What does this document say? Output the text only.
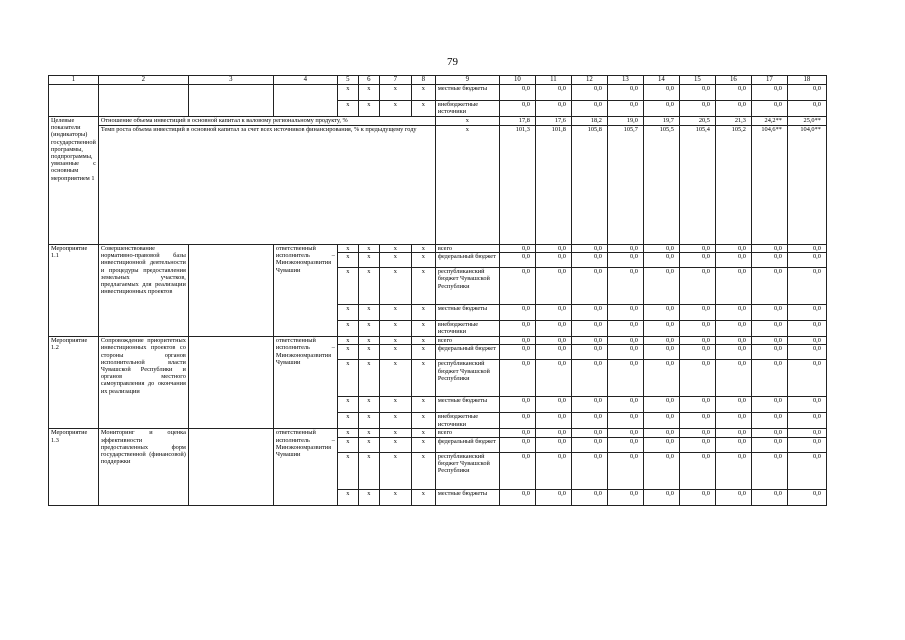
79
1	2	3	4	5	6	7	8	9	10	11	12	13	14	15	16	17	18
				x	x	x	x	местные бюджеты	0,0	0,0	0,0	0,0	0,0	0,0	0,0	0,0	0,0
				x	x	x	x	внебюджетные источники	0,0	0,0	0,0	0,0	0,0	0,0	0,0	0,0	0,0
Целевые показатели (индикаторы) государственной программы, подпрограммы, увязанные с основным мероприятием 1	Отношение объема инвестиций в основной капитал к валовому региональному продукту, %							x	17,8	17,6	18,2	19,0	19,7	20,5	21,3	24,2**	25,0**
	Темп роста объема инвестиций в основной капитал за счет всех источников финансирования, % к предыдущему году							x	101,3	101,8	105,8	105,7	105,5	105,4	105,2	104,6**	104,0**
Мероприятие 1.1	Совершенствование нормативно-правовой базы инвестиционной деятельности и процедуры предоставления земельных участков, предлагаемых для реализации инвестиционных проектов		ответственный исполнитель – Минэкономразвития Чувашии	x	x	x	x	всего	0,0	0,0	0,0	0,0	0,0	0,0	0,0	0,0	0,0
				x	x	x	x	федеральный бюджет	0,0	0,0	0,0	0,0	0,0	0,0	0,0	0,0	0,0
				x	x	x	x	республиканский бюджет Чувашской Республики	0,0	0,0	0,0	0,0	0,0	0,0	0,0	0,0	0,0
				x	x	x	x	местные бюджеты	0,0	0,0	0,0	0,0	0,0	0,0	0,0	0,0	0,0
				x	x	x	x	внебюджетные источники	0,0	0,0	0,0	0,0	0,0	0,0	0,0	0,0	0,0
Мероприятие 1.2	Сопровождение приоритетных инвестиционных проектов со стороны органов исполнительной власти Чувашской Республики и органов местного самоуправления до окончания их реализации		ответственный исполнитель – Минэкономразвития Чувашии	x	x	x	x	всего	0,0	0,0	0,0	0,0	0,0	0,0	0,0	0,0	0,0
				x	x	x	x	федеральный бюджет	0,0	0,0	0,0	0,0	0,0	0,0	0,0	0,0	0,0
				x	x	x	x	республиканский бюджет Чувашской Республики	0,0	0,0	0,0	0,0	0,0	0,0	0,0	0,0	0,0
				x	x	x	x	местные бюджеты	0,0	0,0	0,0	0,0	0,0	0,0	0,0	0,0	0,0
				x	x	x	x	внебюджетные источники	0,0	0,0	0,0	0,0	0,0	0,0	0,0	0,0	0,0
Мероприятие 1.3	Мониторинг и оценка эффективности предоставленных форм государственной (финансовой) поддержки		ответственный исполнитель – Минэкономразвития Чувашии	x	x	x	x	всего	0,0	0,0	0,0	0,0	0,0	0,0	0,0	0,0	0,0
				x	x	x	x	федеральный бюджет	0,0	0,0	0,0	0,0	0,0	0,0	0,0	0,0	0,0
				x	x	x	x	республиканский бюджет Чувашской Республики	0,0	0,0	0,0	0,0	0,0	0,0	0,0	0,0	0,0
				x	x	x	x	местные бюджеты	0,0	0,0	0,0	0,0	0,0	0,0	0,0	0,0	0,0
